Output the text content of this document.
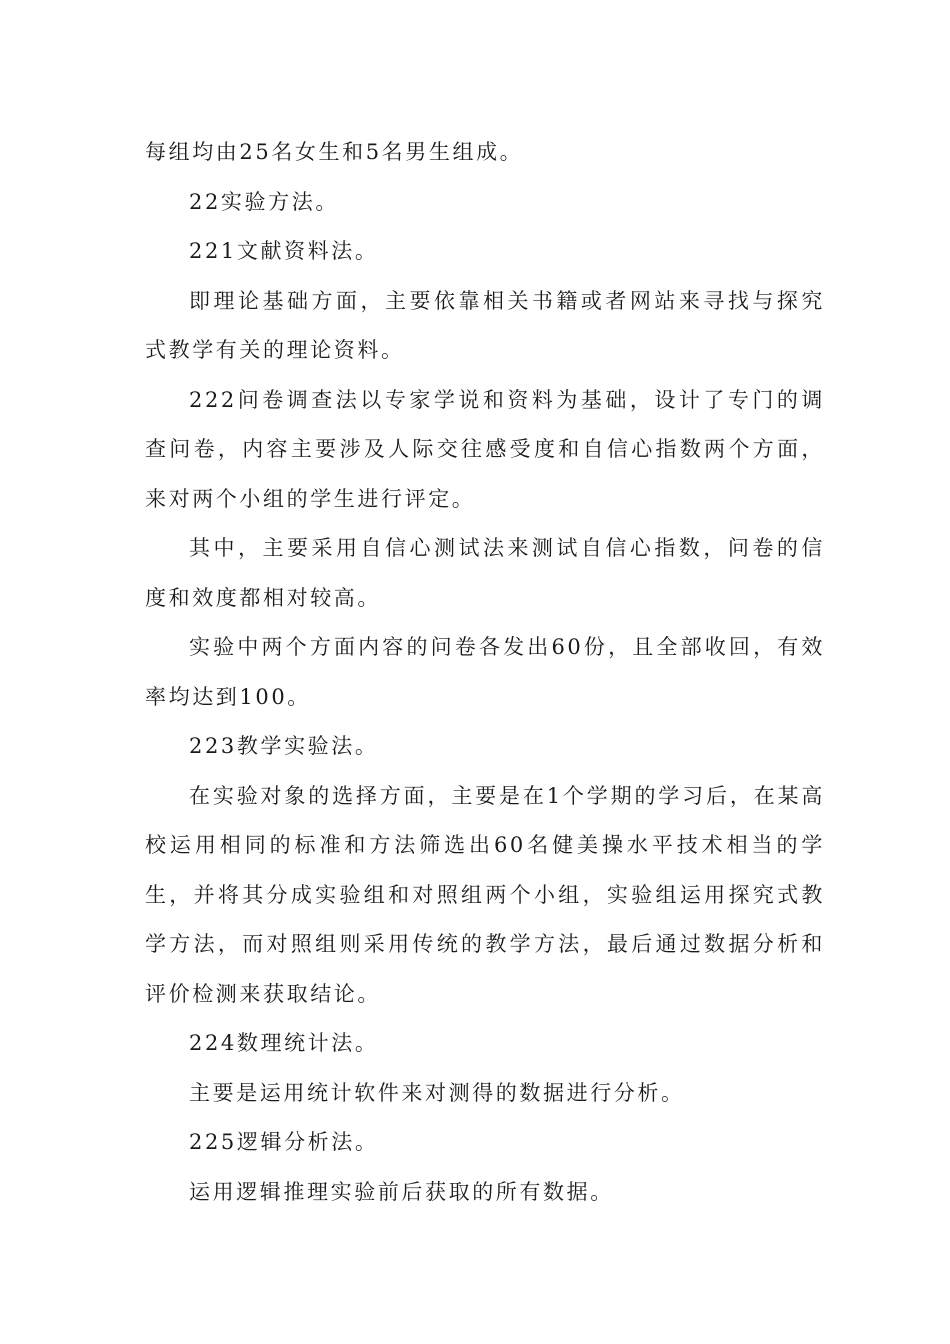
每组均由25名女生和5名男生组成。

22实验方法。

221文献资料法。

即理论基础方面，主要依靠相关书籍或者网站来寻找与探究式教学有关的理论资料。

222问卷调查法以专家学说和资料为基础，设计了专门的调查问卷，内容主要涉及人际交往感受度和自信心指数两个方面，来对两个小组的学生进行评定。

其中，主要采用自信心测试法来测试自信心指数，问卷的信度和效度都相对较高。

实验中两个方面内容的问卷各发出60份，且全部收回，有效率均达到100。

223教学实验法。

在实验对象的选择方面，主要是在1个学期的学习后，在某高校运用相同的标准和方法筛选出60名健美操水平技术相当的学生，并将其分成实验组和对照组两个小组，实验组运用探究式教学方法，而对照组则采用传统的教学方法，最后通过数据分析和评价检测来获取结论。

224数理统计法。

主要是运用统计软件来对测得的数据进行分析。

225逻辑分析法。

运用逻辑推理实验前后获取的所有数据。
